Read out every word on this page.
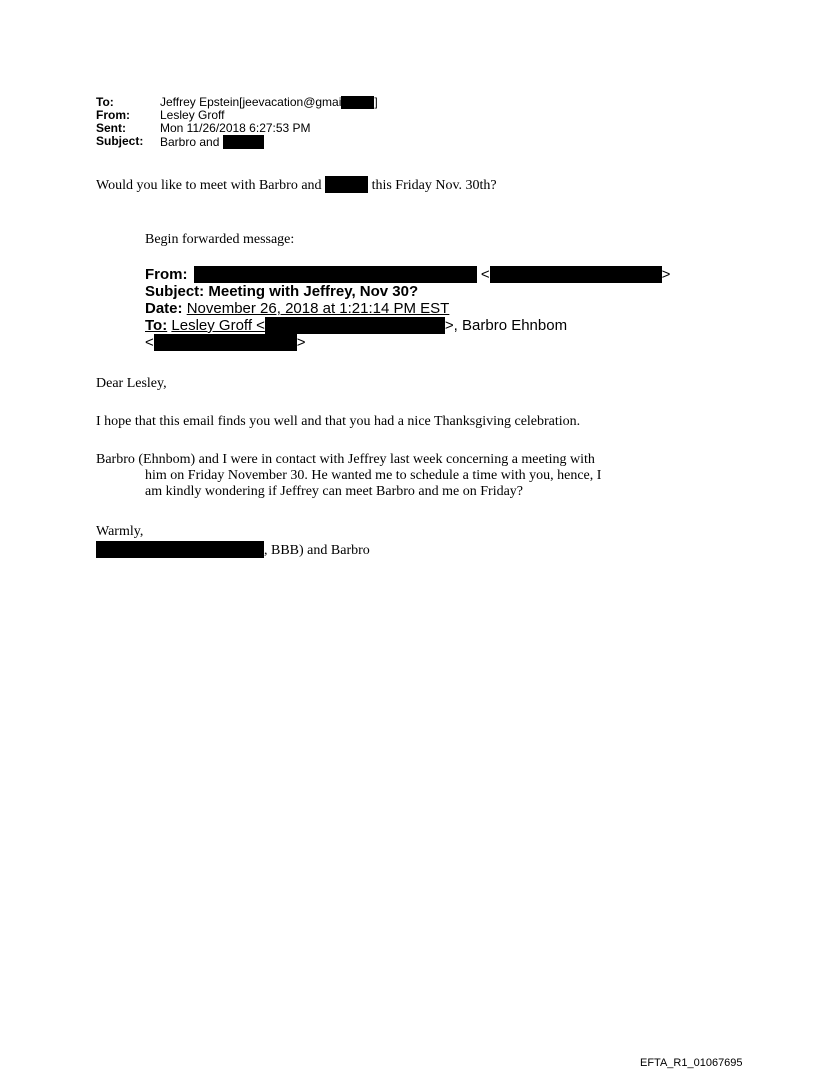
To:	Jeffrey Epstein[jeevacation@gmai	]
From:	Lesley Groff
Sent:	Mon 11/26/2018 6:27:53 PM
Subject:	Barbro and
Would you like to meet with Barbro and	this Friday Nov. 30th?
Begin forwarded message:
From:	<	>
Subject: Meeting with Jeffrey, Nov 30?
Date: November 26, 2018 at 1:21:14 PM EST
To: Lesley Groff <	>, Barbro Ehnbom
<	>
Dear Lesley,
I hope that this email finds you well and that you had a nice Thanksgiving celebration.
Barbro (Ehnbom) and I were in contact with Jeffrey last week concerning a meeting with
him on Friday November 30. He wanted me to schedule a time with you, hence, I
am kindly wondering if Jeffrey can meet Barbro and me on Friday?
Warmly,
, BBB) and Barbro
EFTA_R1_01067695
